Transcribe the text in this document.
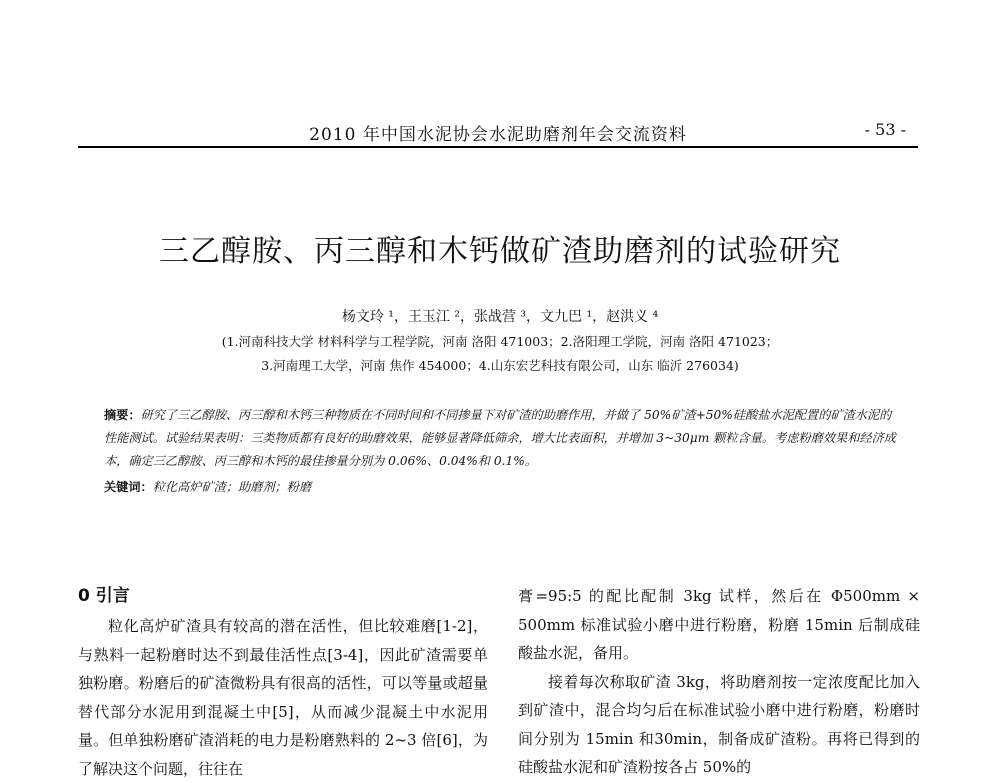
2010 年中国水泥协会水泥助磨剂年会交流资料	- 53 -
三乙醇胺、丙三醇和木钙做矿渣助磨剂的试验研究
杨文玲 ¹，王玉江 ²，张战营 ³，文九巴 ¹，赵洪义 ⁴
(1.河南科技大学 材料科学与工程学院，河南 洛阳 471003；2.洛阳理工学院，河南 洛阳 471023；
3.河南理工大学，河南 焦作 454000；4.山东宏艺科技有限公司，山东 临沂 276034)

摘要：研究了三乙醇胺、丙三醇和木钙三种物质在不同时间和不同掺量下对矿渣的助磨作用，并做了 50%矿渣+50%硅酸盐水泥配置的矿渣水泥的性能测试。试验结果表明：三类物质都有良好的助磨效果，能够显著降低筛余，增大比表面积，并增加 3~30μm 颗粒含量。考虑粉磨效果和经济成本，确定三乙醇胺、丙三醇和木钙的最佳掺量分别为 0.06%、0.04%和 0.1%。

关键词：粒化高炉矿渣；助磨剂；粉磨

0 引言

粒化高炉矿渣具有较高的潜在活性，但比较难磨[1-2]，与熟料一起粉磨时达不到最佳活性点[3-4]，因此矿渣需要单独粉磨。粉磨后的矿渣微粉具有很高的活性，可以等量或超量替代部分水泥用到混凝土中[5]，从而减少混凝土中水泥用量。但单独粉磨矿渣消耗的电力是粉磨熟料的 2~3 倍[6]，为了解决这个问题，往往在

膏=95:5 的配比配制 3kg 试样，然后在 Φ500mm × 500mm 标准试验小磨中进行粉磨，粉磨 15min 后制成硅酸盐水泥，备用。

接着每次称取矿渣 3kg，将助磨剂按一定浓度配比加入到矿渣中，混合均匀后在标准试验小磨中进行粉磨，粉磨时间分别为 15min 和30min，制备成矿渣粉。再将已得到的硅酸盐水泥和矿渣粉按各占 50%的
